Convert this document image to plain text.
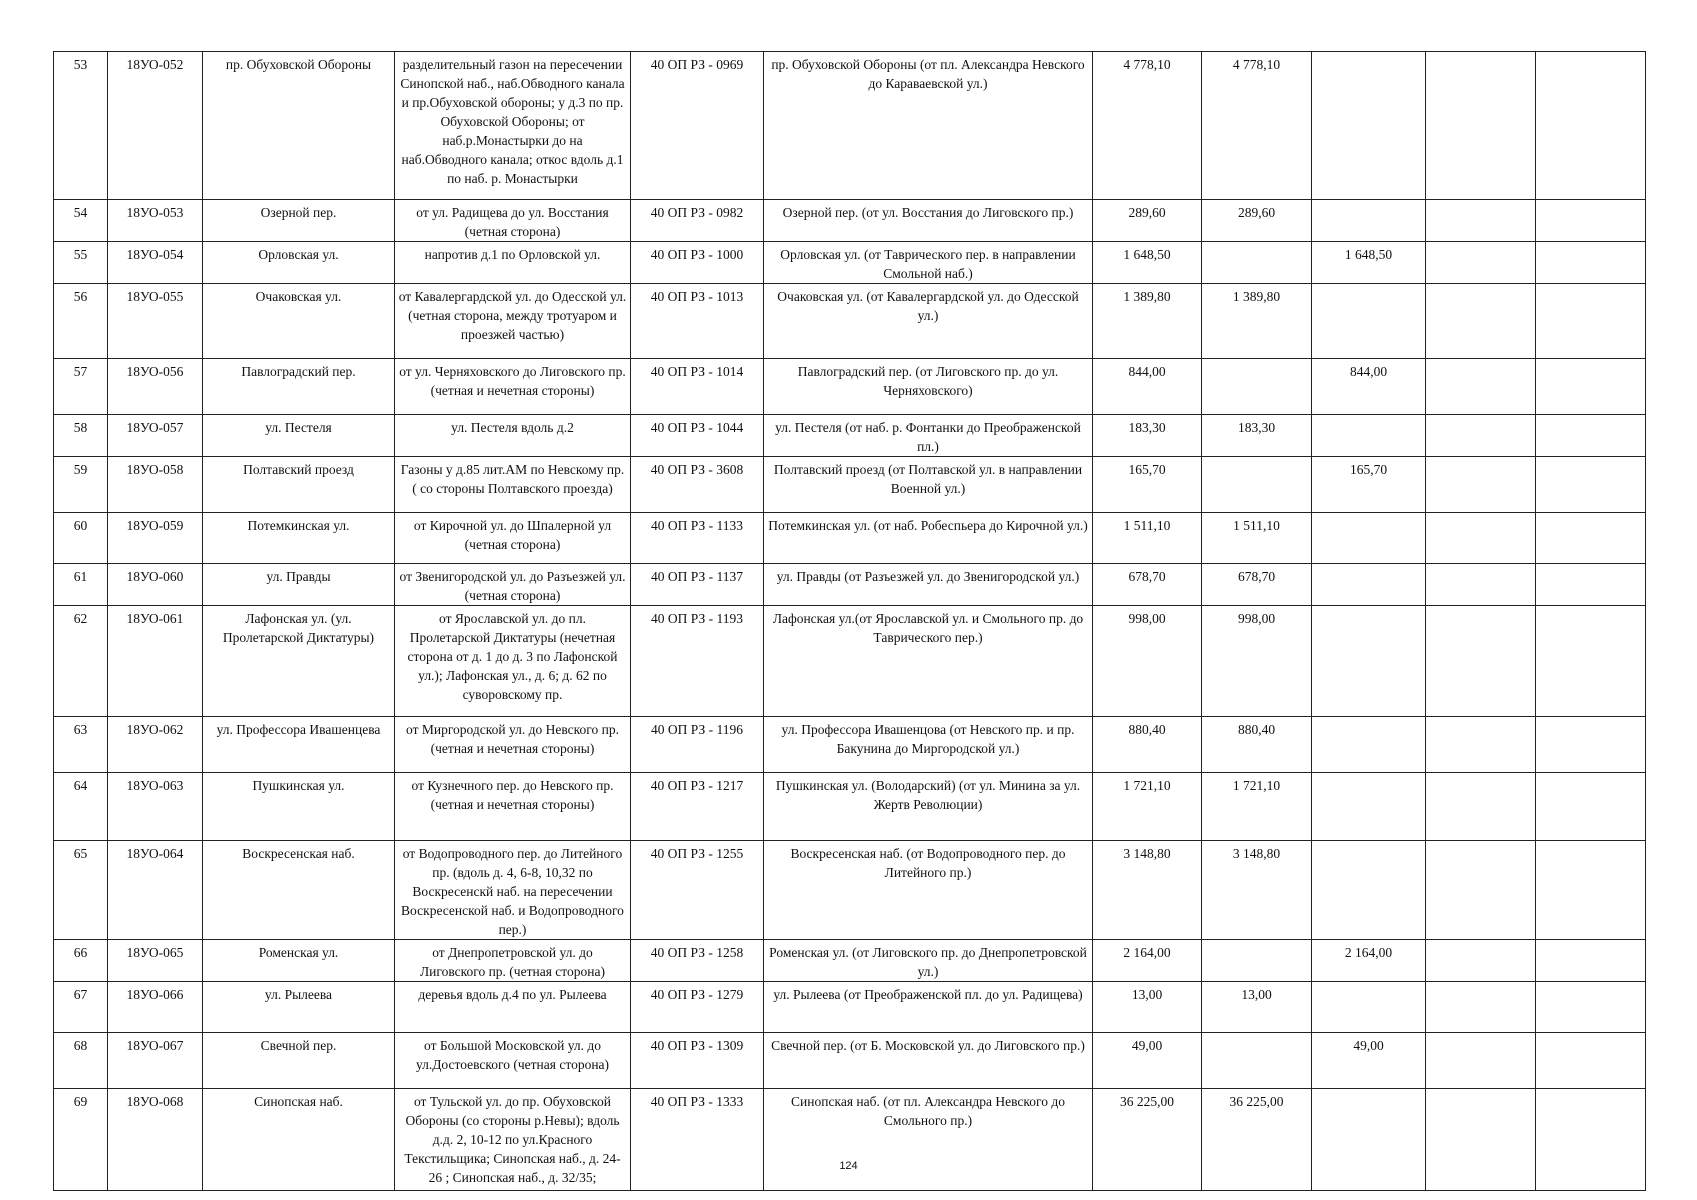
53	18УО-052	пр. Обуховской Обороны	разделительный газон на пересечении Синопской наб., наб.Обводного канала и пр.Обуховской обороны; у д.3 по пр. Обуховской Обороны; от наб.р.Монастырки до на наб.Обводного канала; откос вдоль д.1 по наб. р. Монастырки	40 ОП РЗ - 0969	пр. Обуховской Обороны (от пл. Александра Невского до Караваевской ул.)	4 778,10	4 778,10			
54	18УО-053	Озерной пер.	от ул. Радищева до ул. Восстания (четная сторона)	40 ОП РЗ - 0982	Озерной пер. (от ул. Восстания до Лиговского пр.)	289,60	289,60			
55	18УО-054	Орловская ул.	напротив д.1 по Орловской ул.	40 ОП РЗ - 1000	Орловская ул. (от Таврического пер. в направлении Смольной наб.)	1 648,50		1 648,50		
56	18УО-055	Очаковская ул.	от Кавалергардской ул. до Одесской ул. (четная сторона, между тротуаром и проезжей частью)	40 ОП РЗ - 1013	Очаковская ул. (от Кавалергардской ул. до Одесской ул.)	1 389,80	1 389,80			
57	18УО-056	Павлоградский пер.	от ул. Черняховского до Лиговского пр. (четная и нечетная стороны)	40 ОП РЗ - 1014	Павлоградский пер. (от Лиговского пр. до ул. Черняховского)	844,00		844,00		
58	18УО-057	ул. Пестеля	ул. Пестеля вдоль д.2	40 ОП РЗ - 1044	ул. Пестеля (от наб. р. Фонтанки до Преображенской пл.)	183,30	183,30			
59	18УО-058	Полтавский проезд	Газоны у д.85 лит.АМ по Невскому пр. ( со стороны Полтавского проезда)	40 ОП РЗ - 3608	Полтавский проезд (от Полтавской ул. в направлении Военной ул.)	165,70		165,70		
60	18УО-059	Потемкинская ул.	от Кирочной ул. до Шпалерной ул (четная сторона)	40 ОП РЗ - 1133	Потемкинская ул. (от наб. Робеспьера до Кирочной ул.)	1 511,10	1 511,10			
61	18УО-060	ул. Правды	от Звенигородской ул. до Разъезжей ул. (четная сторона)	40 ОП РЗ - 1137	ул. Правды (от Разъезжей ул. до Звенигородской ул.)	678,70	678,70			
62	18УО-061	Лафонская ул. (ул. Пролетарской Диктатуры)	от Ярославской ул. до пл. Пролетарской Диктатуры (нечетная сторона от д. 1 до д. 3 по Лафонской ул.); Лафонская ул., д. 6; д. 62 по суворовскому пр.	40 ОП РЗ - 1193	Лафонская ул.(от Ярославской ул. и Смольного пр. до Таврического пер.)	998,00	998,00			
63	18УО-062	ул. Профессора Ивашенцева	от Миргородской ул. до Невского пр. (четная и нечетная стороны)	40 ОП РЗ - 1196	ул. Профессора Ивашенцова (от Невского пр. и пр. Бакунина до Миргородской ул.)	880,40	880,40			
64	18УО-063	Пушкинская ул.	от Кузнечного пер. до Невского пр. (четная и нечетная стороны)	40 ОП РЗ - 1217	Пушкинская ул. (Володарский) (от ул. Минина за ул. Жертв Революции)	1 721,10	1 721,10			
65	18УО-064	Воскресенская наб.	от Водопроводного пер. до Литейного пр. (вдоль д. 4, 6-8, 10,32 по Воскресенскй наб. на пересечении Воскресенской наб. и Водопроводного пер.)	40 ОП РЗ - 1255	Воскресенская наб. (от Водопроводного пер. до Литейного пр.)	3 148,80	3 148,80			
66	18УО-065	Роменская ул.	от Днепропетровской ул. до Лиговского пр. (четная сторона)	40 ОП РЗ - 1258	Роменская ул. (от Лиговского пр. до Днепропетровской ул.)	2 164,00		2 164,00		
67	18УО-066	ул. Рылеева	деревья вдоль д.4 по ул. Рылеева	40 ОП РЗ - 1279	ул. Рылеева (от Преображенской пл. до ул. Радищева)	13,00	13,00			
68	18УО-067	Свечной пер.	от Большой Московской ул. до ул.Достоевского (четная сторона)	40 ОП РЗ - 1309	Свечной пер. (от Б. Московской ул. до Лиговского пр.)	49,00		49,00		
69	18УО-068	Синопская наб.	от Тульской ул. до пр. Обуховской Обороны (со стороны р.Невы); вдоль д.д. 2, 10-12 по ул.Красного Текстильщика; Синопская наб., д. 24-26 ; Синопская наб., д. 32/35;	40 ОП РЗ - 1333	Синопская наб. (от пл. Александра Невского до Смольного пр.)	36 225,00	36 225,00			
124
